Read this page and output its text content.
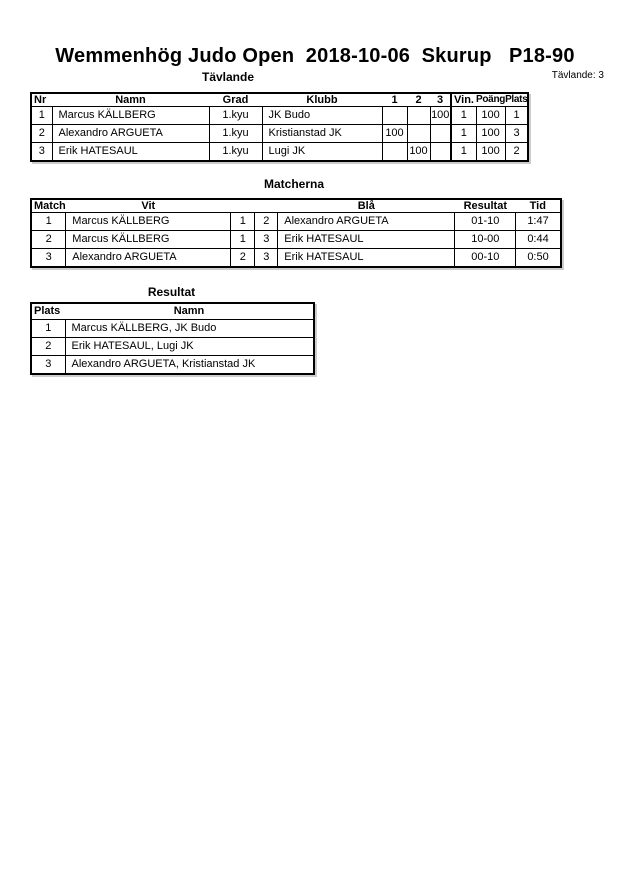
Wemmenhög Judo Open  2018-10-06  Skurup   P18-90
Tävlande	Tävlande: 3
Nr	Namn	Grad	Klubb	1	2	3	Vin.	Poäng	Plats
1	Marcus KÄLLBERG	1.kyu	JK Budo			100	1	100	1
2	Alexandro ARGUETA	1.kyu	Kristianstad JK	100			1	100	3
3	Erik HATESAUL	1.kyu	Lugi JK		100		1	100	2
Matcherna
Match	Vit			Blå	Resultat	Tid
1	Marcus KÄLLBERG	1	2	Alexandro ARGUETA	01-10	1:47
2	Marcus KÄLLBERG	1	3	Erik HATESAUL	10-00	0:44
3	Alexandro ARGUETA	2	3	Erik HATESAUL	00-10	0:50
Resultat
Plats	Namn
1	Marcus KÄLLBERG, JK Budo
2	Erik HATESAUL, Lugi JK
3	Alexandro ARGUETA, Kristianstad JK
